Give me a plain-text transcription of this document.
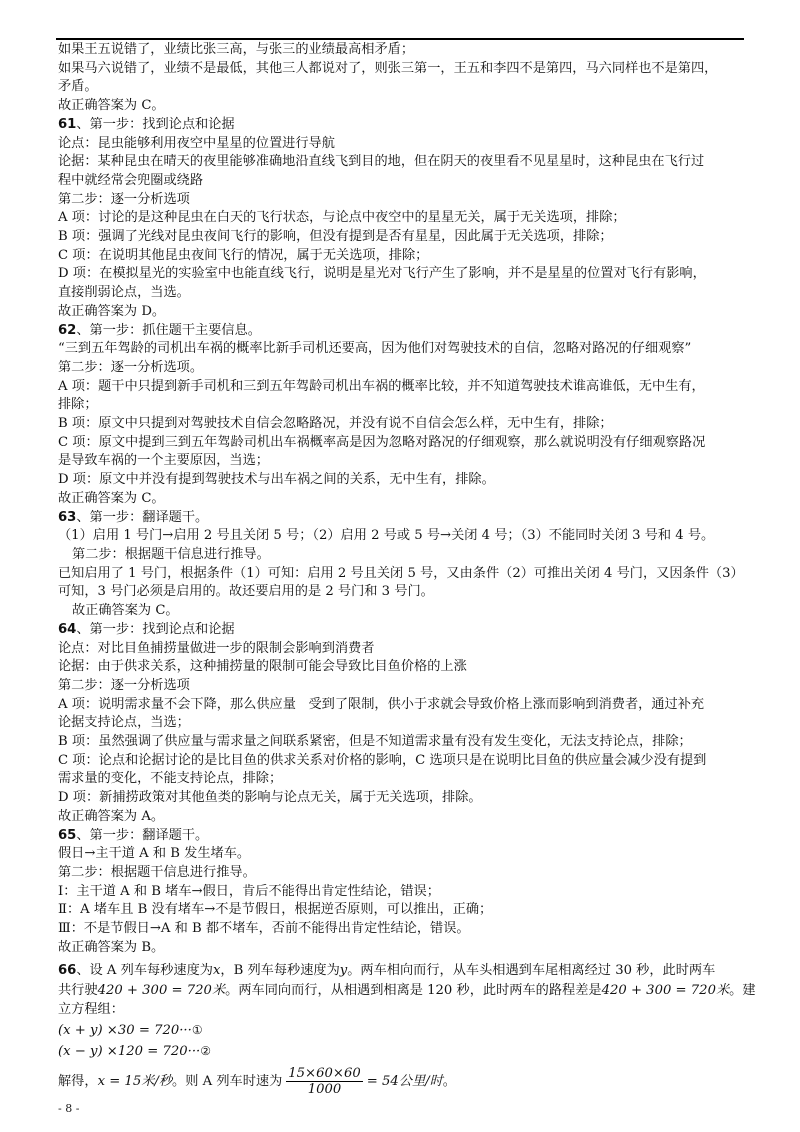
如果王五说错了，业绩比张三高，与张三的业绩最高相矛盾；
如果马六说错了，业绩不是最低，其他三人都说对了，则张三第一，王五和李四不是第四，马六同样也不是第四，
矛盾。
故正确答案为 C。
61、第一步：找到论点和论据
论点：昆虫能够利用夜空中星星的位置进行导航
论据：某种昆虫在晴天的夜里能够准确地沿直线飞到目的地，但在阴天的夜里看不见星星时，这种昆虫在飞行过
程中就经常会兜圈或绕路
第二步：逐一分析选项
A 项：讨论的是这种昆虫在白天的飞行状态，与论点中夜空中的星星无关，属于无关选项，排除；
B 项：强调了光线对昆虫夜间飞行的影响，但没有提到是否有星星，因此属于无关选项，排除；
C 项：在说明其他昆虫夜间飞行的情况，属于无关选项，排除；
D 项：在模拟星光的实验室中也能直线飞行，说明是星光对飞行产生了影响，并不是星星的位置对飞行有影响，
直接削弱论点，当选。
故正确答案为 D。
62、第一步：抓住题干主要信息。
“三到五年驾龄的司机出车祸的概率比新手司机还要高，因为他们对驾驶技术的自信，忽略对路况的仔细观察”
第二步：逐一分析选项。
A 项：题干中只提到新手司机和三到五年驾龄司机出车祸的概率比较，并不知道驾驶技术谁高谁低，无中生有，
排除；
B 项：原文中只提到对驾驶技术自信会忽略路况，并没有说不自信会怎么样，无中生有，排除；
C 项：原文中提到三到五年驾龄司机出车祸概率高是因为忽略对路况的仔细观察，那么就说明没有仔细观察路况
是导致车祸的一个主要原因，当选；
D 项：原文中并没有提到驾驶技术与出车祸之间的关系，无中生有，排除。
故正确答案为 C。
63、第一步：翻译题干。
（1）启用 1 号门→启用 2 号且关闭 5 号；（2）启用 2 号或 5 号→关闭 4 号；（3）不能同时关闭 3 号和 4 号。
第二步：根据题干信息进行推导。
已知启用了 1 号门，根据条件（1）可知：启用 2 号且关闭 5 号，又由条件（2）可推出关闭 4 号门，又因条件（3）
可知，3 号门必须是启用的。故还要启用的是 2 号门和 3 号门。
故正确答案为 C。
64、第一步：找到论点和论据
论点：对比目鱼捕捞量做进一步的限制会影响到消费者
论据：由于供求关系，这种捕捞量的限制可能会导致比目鱼价格的上涨
第二步：逐一分析选项
A 项：说明需求量不会下降，那么供应量   受到了限制，供小于求就会导致价格上涨而影响到消费者，通过补充
论据支持论点，当选；
B 项：虽然强调了供应量与需求量之间联系紧密，但是不知道需求量有没有发生变化，无法支持论点，排除；
C 项：论点和论据讨论的是比目鱼的供求关系对价格的影响，C 选项只是在说明比目鱼的供应量会减少没有提到
需求量的变化，不能支持论点，排除；
D 项：新捕捞政策对其他鱼类的影响与论点无关，属于无关选项，排除。
故正确答案为 A。
65、第一步：翻译题干。
假日→主干道 A 和 B 发生堵车。
第二步：根据题干信息进行推导。
Ⅰ：主干道 A 和 B 堵车→假日，肯后不能得出肯定性结论，错误；
Ⅱ：A 堵车且 B 没有堵车→不是节假日，根据逆否原则，可以推出，正确；
Ⅲ：不是节假日→A 和 B 都不堵车，否前不能得出肯定性结论，错误。
故正确答案为 B。
66、设 A 列车每秒速度为x，B 列车每秒速度为y。两车相向而行，从车头相遇到车尾相离经过 30 秒，此时两车
共行驶420 + 300 = 720米。两车同向而行，从相遇到相离是 120 秒，此时两车的路程差是420 + 300 = 720米。建
立方程组：
(x + y) ×30 = 720···①
(x − y) ×120 = 720···②
解得，x = 15米/秒。则 A 列车时速为 $\frac{15\times 60\times 60}{1000} = 54$公里/时。
- 8 -
